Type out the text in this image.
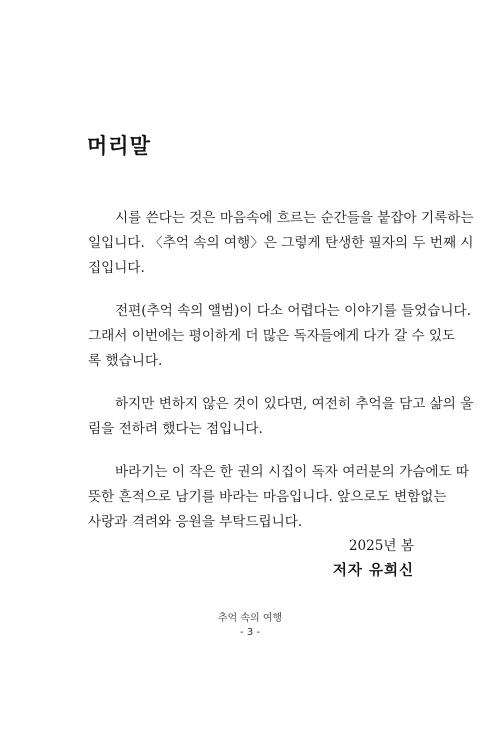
머리말

시를 쓴다는 것은 마음속에 흐르는 순간들을 붙잡아 기록하는
일입니다. 〈추억 속의 여행〉은 그렇게 탄생한 필자의 두 번째 시
집입니다.

전편(추억 속의 앨범)이 다소 어렵다는 이야기를 들었습니다.
그래서 이번에는 평이하게 더 많은 독자들에게 다가 갈 수 있도
록 했습니다.

하지만 변하지 않은 것이 있다면, 여전히 추억을 담고 삶의 울
림을 전하려 했다는 점입니다.

바라기는 이 작은 한 권의 시집이 독자 여러분의 가슴에도 따
뜻한 흔적으로 남기를 바라는 마음입니다. 앞으로도 변함없는
사랑과 격려와 응원을 부탁드립니다.

2025년 봄
저자 유희신
추억 속의 여행
- 3 -
